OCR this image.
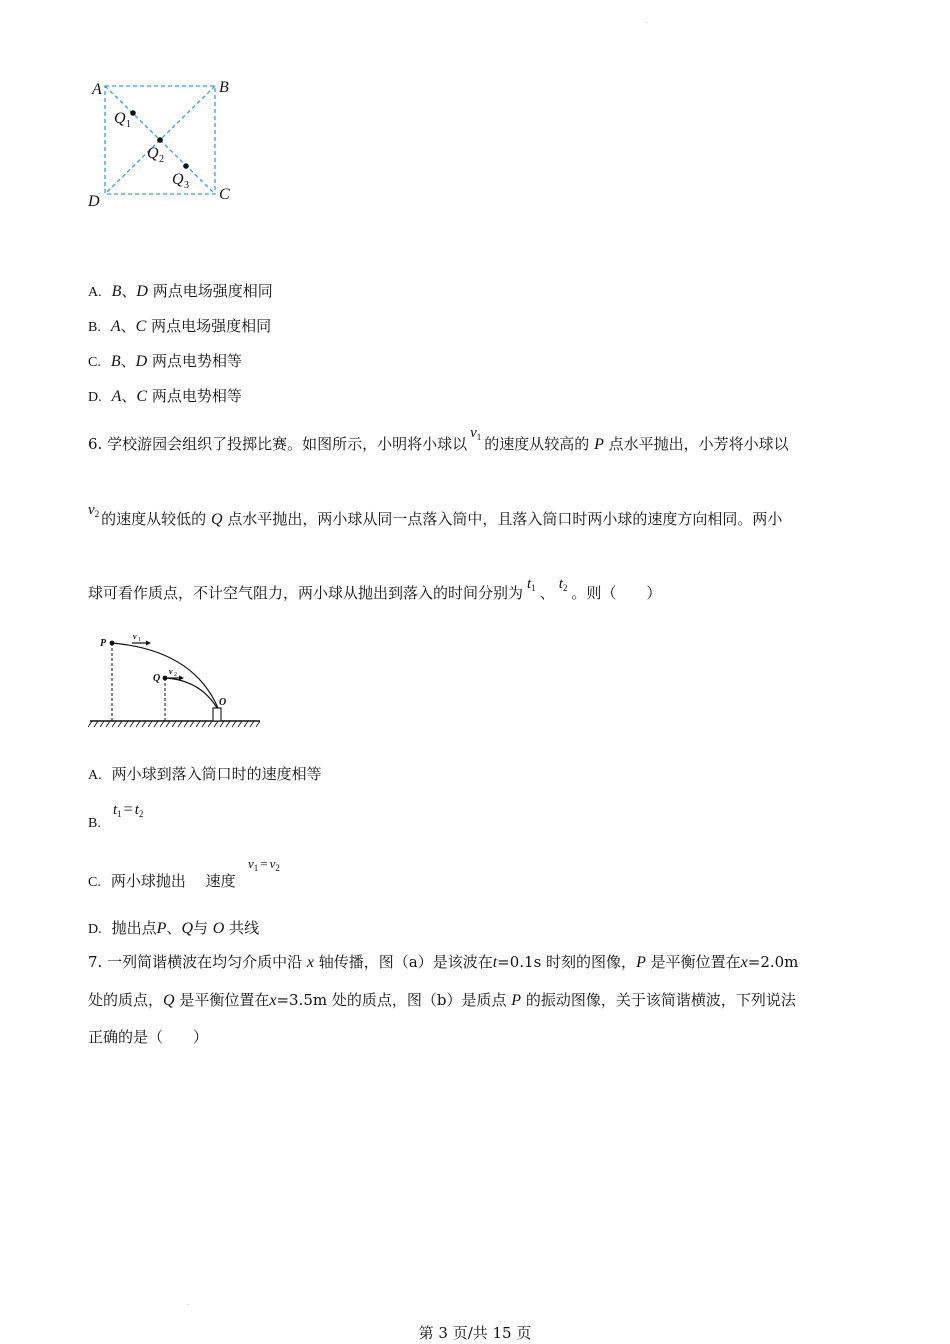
.
A	B
C
D
Q
Q
Q
1
2
3
A. B、D 两点电场强度相同
B. A、C 两点电场强度相同
C. B、D 两点电势相等
D. A、C 两点电势相等
6. 学校游园会组织了投掷比赛。如图所示，小明将小球以$v_1$ 的速度从较高的 P 点水平抛出，小芳将小球以
$v_2$ 的速度从较低的 Q 点水平抛出，两小球从同一点落入筒中，且落入筒口时两小球的速度方向相同。两小
球可看作质点，不计空气阻力，两小球从抛出到落入的时间分别为 $t_1$ 、 $t_2$ 。则（　　）
P
Q
O
v
v
1
2
A. 两小球到落入筒口时的速度相等
B.
$t_1 = t_2$
C. 两小球抛出　 速度
$v_1 = v_2$
D. 抛出点P、Q与 O 共线
7. 一列简谐横波在均匀介质中沿 x 轴传播，图（a）是该波在t=0.1s 时刻的图像，P 是平衡位置在x=2.0m
处的质点，Q 是平衡位置在x=3.5m 处的质点，图（b）是质点 P 的振动图像，关于该简谐横波，下列说法
正确的是（　　）
.
第 3 页/共 15 页
